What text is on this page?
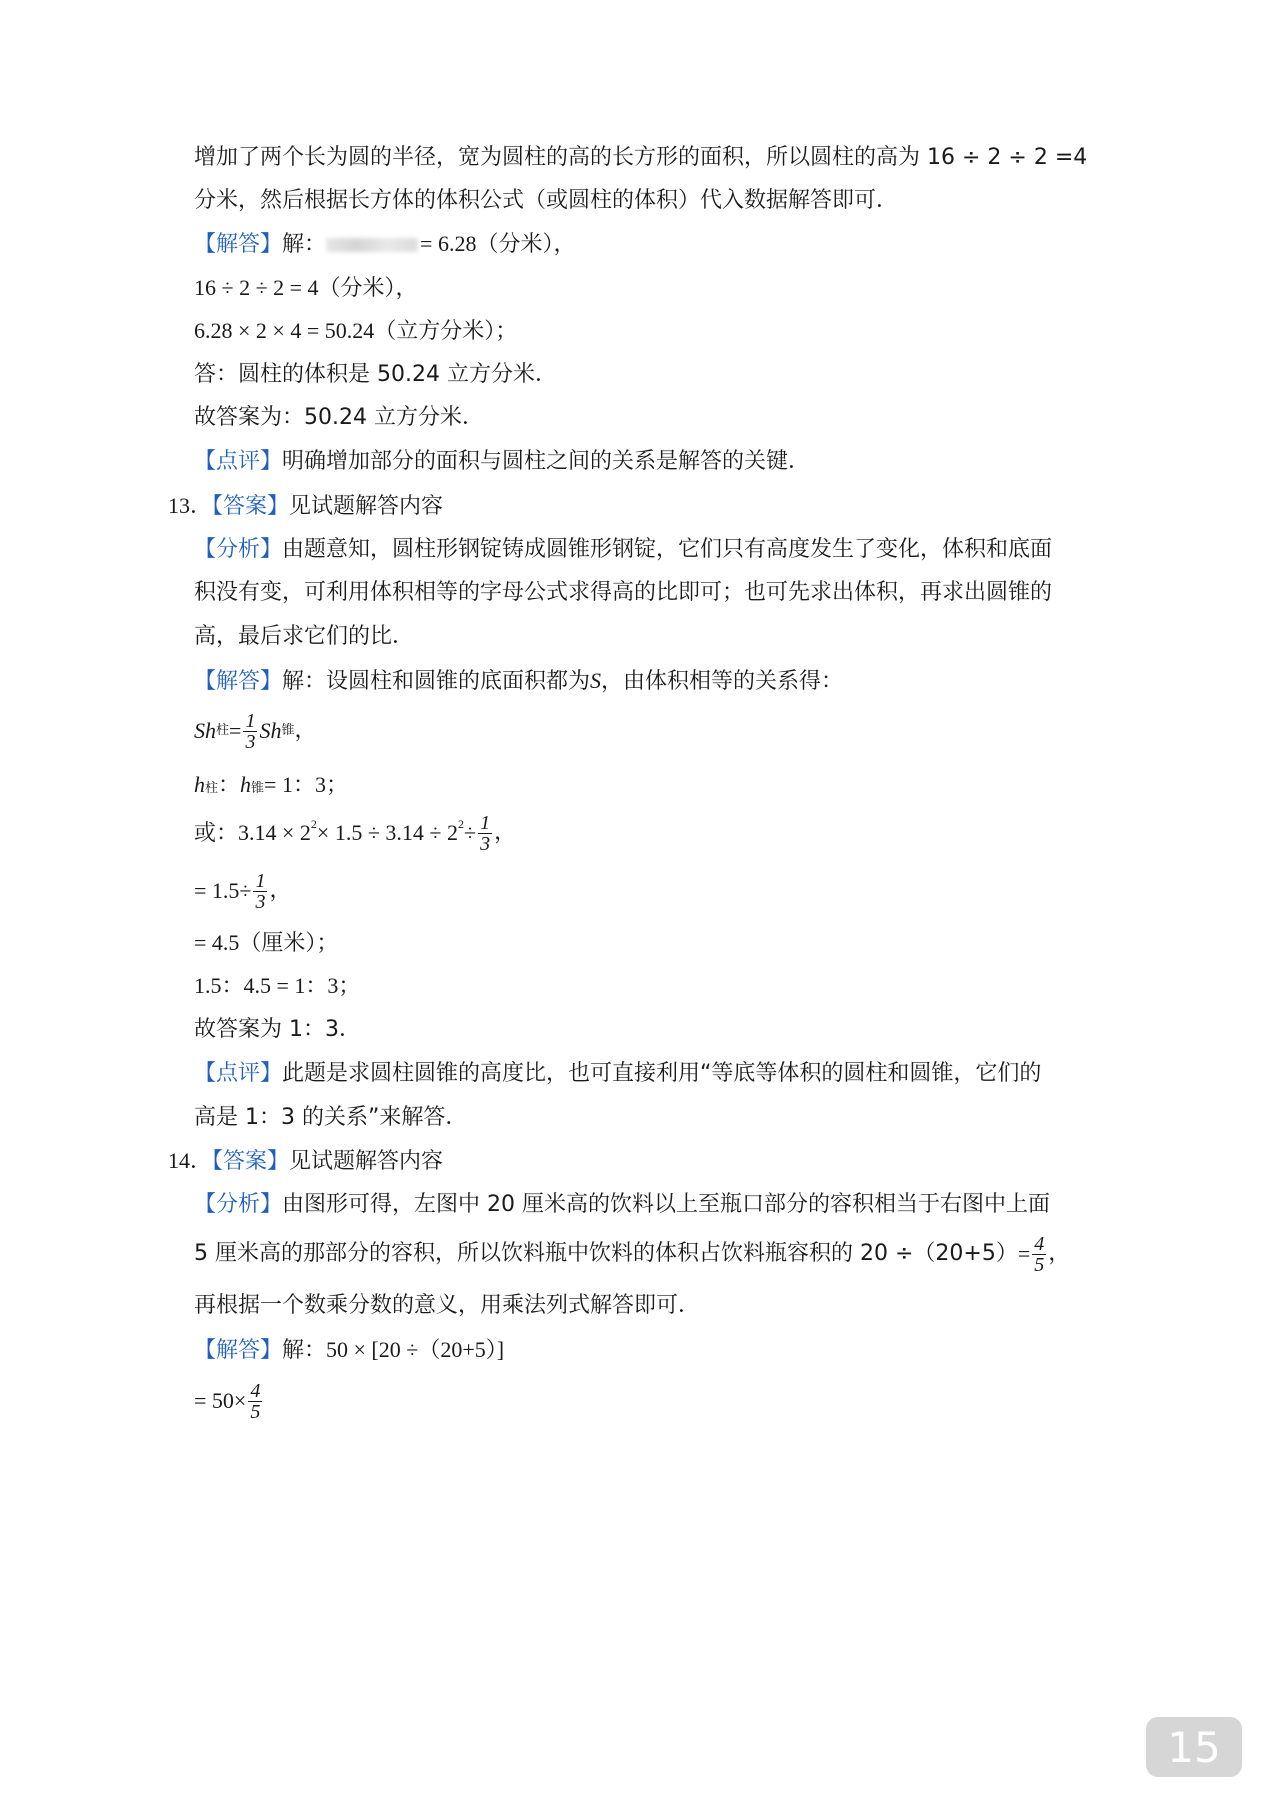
增加了两个长为圆的半径，宽为圆柱的高的长方形的面积，所以圆柱的高为 16 ÷ 2 ÷ 2 =4
分米，然后根据长方体的体积公式（或圆柱的体积）代入数据解答即可．
【解答】解：	= 6.28（分米），
16 ÷ 2 ÷ 2 = 4（分米），
6.28 × 2 × 4 = 50.24（立方分米）；
答：圆柱的体积是 50.24 立方分米．
故答案为：50.24 立方分米．
【点评】明确增加部分的面积与圆柱之间的关系是解答的关键．
13．【答案】见试题解答内容
【分析】由题意知，圆柱形钢锭铸成圆锥形钢锭，它们只有高度发生了变化，体积和底面
积没有变，可利用体积相等的字母公式求得高的比即可；也可先求出体积，再求出圆锥的
高，最后求它们的比．
【解答】解：设圆柱和圆锥的底面积都为S，由体积相等的关系得：
Sh 柱 = $\frac{1}{3}$ Sh 锥 ，
h柱：h锥= 1：3；
或：3.14 × 2 2 × 1.5 ÷ 3.14 ÷ 2 $2 \div \frac{1}{3}$ ，
= $1.5\div \frac{1}{3}$ ，
= 4.5（厘米）；
1.5：4.5 = 1：3；
故答案为 1：3．
【点评】此题是求圆柱圆锥的高度比，也可直接利用“等底等体积的圆柱和圆锥，它们的
高是 1：3 的关系”来解答．
14．【答案】见试题解答内容
【分析】由图形可得，左图中 20 厘米高的饮料以上至瓶口部分的容积相当于右图中上面
5 厘米高的那部分的容积，所以饮料瓶中饮料的体积占饮料瓶容积的 $20 \div(20+5) = \frac{4}{5}$ ，
再根据一个数乘分数的意义，用乘法列式解答即可．
【解答】解：50 × [20 ÷（20+5）]
= $50\times \frac{4}{5}$
15
